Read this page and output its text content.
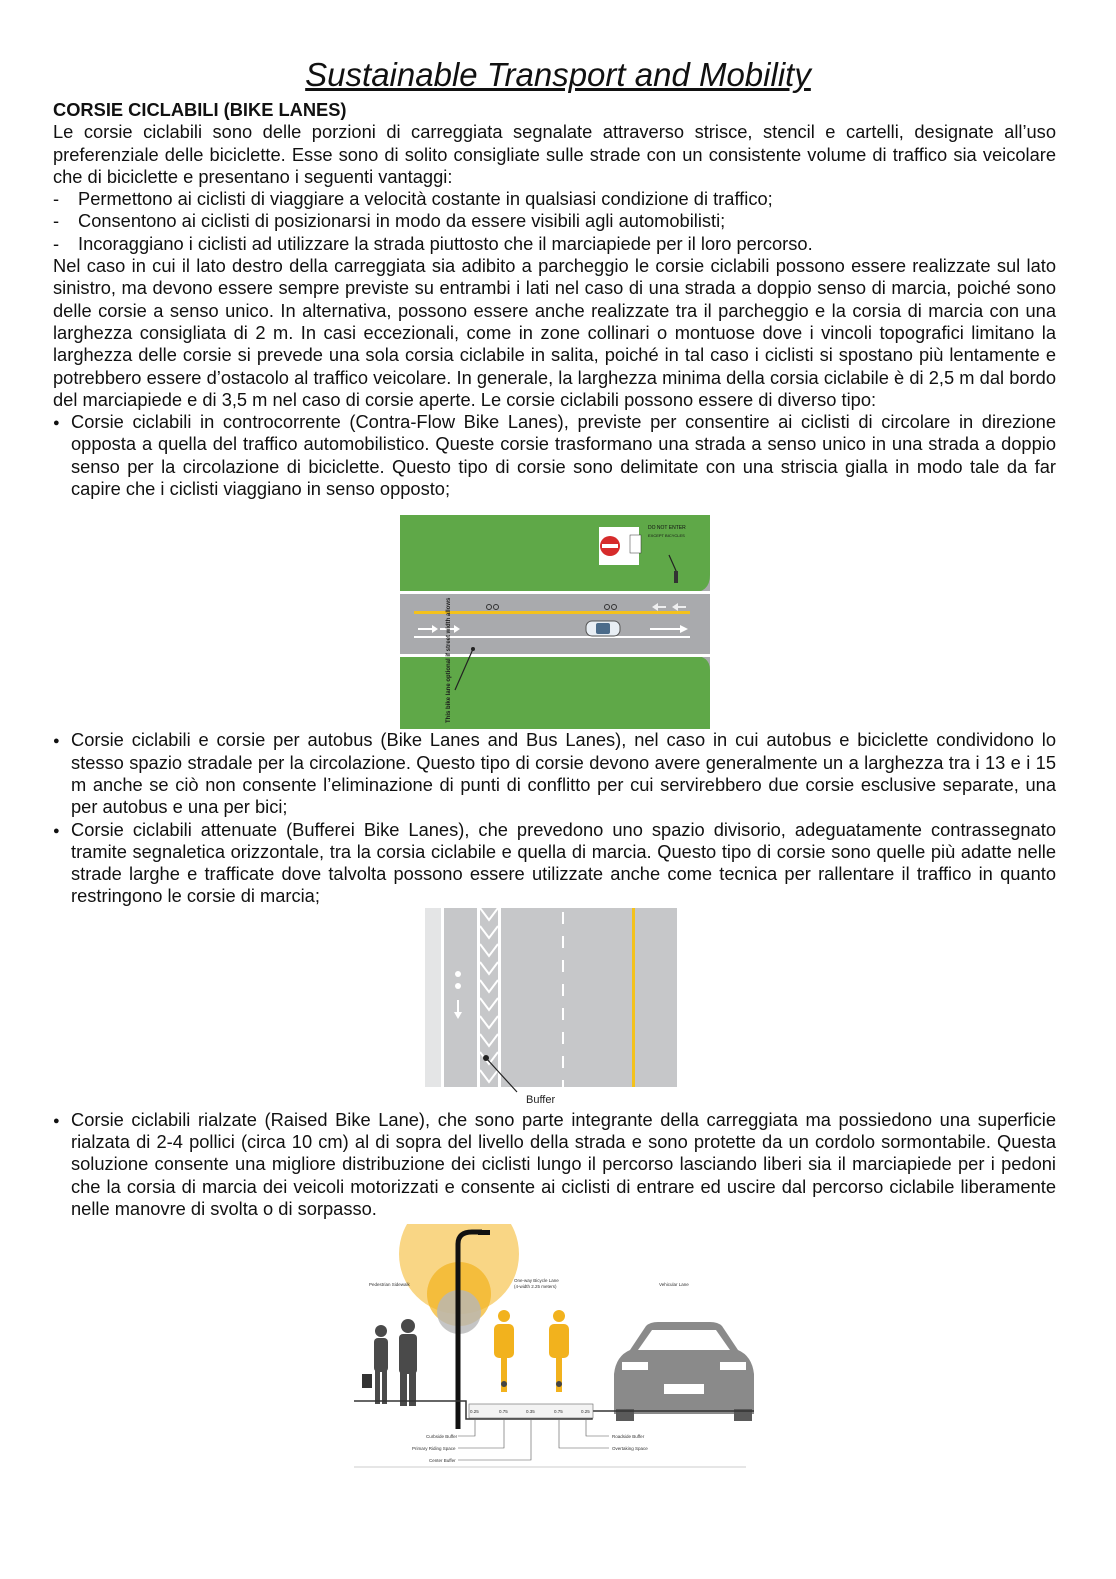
Sustainable Transport and Mobility
CORSIE CICLABILI (BIKE LANES)

Le corsie ciclabili sono delle porzioni di carreggiata segnalate attraverso strisce, stencil e cartelli, designate all’uso preferenziale delle biciclette. Esse sono di solito consigliate sulle strade con un consistente volume di traffico sia veicolare che di biciclette e presentano i seguenti vantaggi:

- Permettono ai ciclisti di viaggiare a velocità costante in qualsiasi condizione di traffico;
- Consentono ai ciclisti di posizionarsi in modo da essere visibili agli automobilisti;
- Incoraggiano i ciclisti ad utilizzare la strada piuttosto che il marciapiede per il loro percorso.

Nel caso in cui il lato destro della carreggiata sia adibito a parcheggio le corsie ciclabili possono essere realizzate sul lato sinistro, ma devono essere sempre previste su entrambi i lati nel caso di una strada a doppio senso di marcia, poiché sono delle corsie a senso unico. In alternativa, possono essere anche realizzate tra il parcheggio e la corsia di marcia con una larghezza consigliata di 2 m. In casi eccezionali, come in zone collinari o montuose dove i vincoli topografici limitano la larghezza delle corsie si prevede una sola corsia ciclabile in salita, poiché in tal caso i ciclisti si spostano più lentamente e potrebbero essere d’ostacolo al traffico veicolare. In generale, la larghezza minima della corsia ciclabile è di 2,5 m dal bordo del marciapiede e di 3,5 m nel caso di corsie aperte. Le corsie ciclabili possono essere di diverso tipo:

● Corsie ciclabili in controcorrente (Contra-Flow Bike Lanes), previste per consentire ai ciclisti di circolare in direzione opposta a quella del traffico automobilistico. Queste corsie trasformano una strada a senso unico in una strada a doppio senso per la circolazione di biciclette. Questo tipo di corsie sono delimitate con una striscia gialla in modo tale da far capire che i ciclisti viaggiano in senso opposto;
DO NOT ENTER
EXCEPT BICYCLES
This bike lane optional if street width allows
● Corsie ciclabili e corsie per autobus (Bike Lanes and Bus Lanes), nel caso in cui autobus e biciclette condividono lo stesso spazio stradale per la circolazione. Questo tipo di corsie devono avere generalmente un a larghezza tra i 13 e i 15 m anche se ciò non consente l’eliminazione di punti di conflitto per cui servirebbero due corsie esclusive separate, una per autobus e una per bici;
● Corsie ciclabili attenuate (Bufferei Bike Lanes), che prevedono uno spazio divisorio, adeguatamente contrassegnato tramite segnaletica orizzontale, tra la corsia ciclabile e quella di marcia. Questo tipo di corsie sono quelle più adatte nelle strade larghe e trafficate dove talvolta possono essere utilizzate anche come tecnica per rallentare il traffico in quanto restringono le corsie di marcia;
Buffer
● Corsie ciclabili rialzate (Raised Bike Lane), che sono parte integrante della carreggiata ma possiedono una superficie rialzata di 2-4 pollici (circa 10 cm) al di sopra del livello della strada e sono protette da un cordolo sormontabile. Questa soluzione consente una migliore distribuzione dei ciclisti lungo il percorso lasciando liberi sia il marciapiede per i pedoni che la corsia di marcia dei veicoli motorizzati e consente ai ciclisti di entrare ed uscire dal percorso ciclabile liberamente nelle manovre di svolta o di sorpasso.
Pedestrian Sidewalk
One-way Bicycle Lane
(4-width 2.25 meters)	Vehicular Lane
0.25	0.75	0.35	0.75	0.25
Curbside Buffer
Primary Riding Space
Center Buffer
Roadside Buffer
Overtaking Space
